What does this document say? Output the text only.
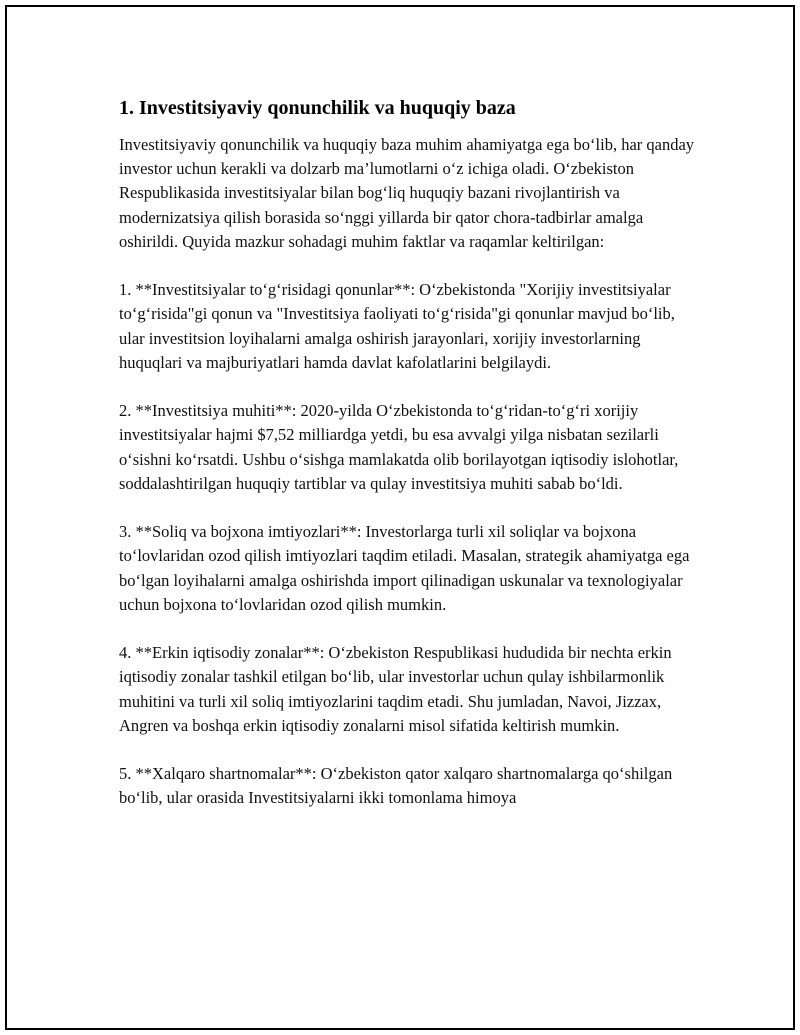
1. Investitsiyaviy qonunchilik va huquqiy baza

Investitsiyaviy qonunchilik va huquqiy baza muhim ahamiyatga ega bo‘lib, har qanday investor uchun kerakli va dolzarb ma’lumotlarni o‘z ichiga oladi. O‘zbekiston Respublikasida investitsiyalar bilan bog‘liq huquqiy bazani rivojlantirish va modernizatsiya qilish borasida so‘nggi yillarda bir qator chora-tadbirlar amalga oshirildi. Quyida mazkur sohadagi muhim faktlar va raqamlar keltirilgan:

1. **Investitsiyalar to‘g‘risidagi qonunlar**: O‘zbekistonda "Xorijiy investitsiyalar to‘g‘risida"gi qonun va "Investitsiya faoliyati to‘g‘risida"gi qonunlar mavjud bo‘lib, ular investitsion loyihalarni amalga oshirish jarayonlari, xorijiy investorlarning huquqlari va majburiyatlari hamda davlat kafolatlarini belgilaydi.

2. **Investitsiya muhiti**: 2020-yilda O‘zbekistonda to‘g‘ridan-to‘g‘ri xorijiy investitsiyalar hajmi $7,52 milliardga yetdi, bu esa avvalgi yilga nisbatan sezilarli o‘sishni ko‘rsatdi. Ushbu o‘sishga mamlakatda olib borilayotgan iqtisodiy islohotlar, soddalashtirilgan huquqiy tartiblar va qulay investitsiya muhiti sabab bo‘ldi.

3. **Soliq va bojxona imtiyozlari**: Investorlarga turli xil soliqlar va bojxona to‘lovlaridan ozod qilish imtiyozlari taqdim etiladi. Masalan, strategik ahamiyatga ega bo‘lgan loyihalarni amalga oshirishda import qilinadigan uskunalar va texnologiyalar uchun bojxona to‘lovlaridan ozod qilish mumkin.

4. **Erkin iqtisodiy zonalar**: O‘zbekiston Respublikasi hududida bir nechta erkin iqtisodiy zonalar tashkil etilgan bo‘lib, ular investorlar uchun qulay ishbilarmonlik muhitini va turli xil soliq imtiyozlarini taqdim etadi. Shu jumladan, Navoi, Jizzax, Angren va boshqa erkin iqtisodiy zonalarni misol sifatida keltirish mumkin.

5. **Xalqaro shartnomalar**: O‘zbekiston qator xalqaro shartnomalarga qo‘shilgan bo‘lib, ular orasida Investitsiyalarni ikki tomonlama himoya
